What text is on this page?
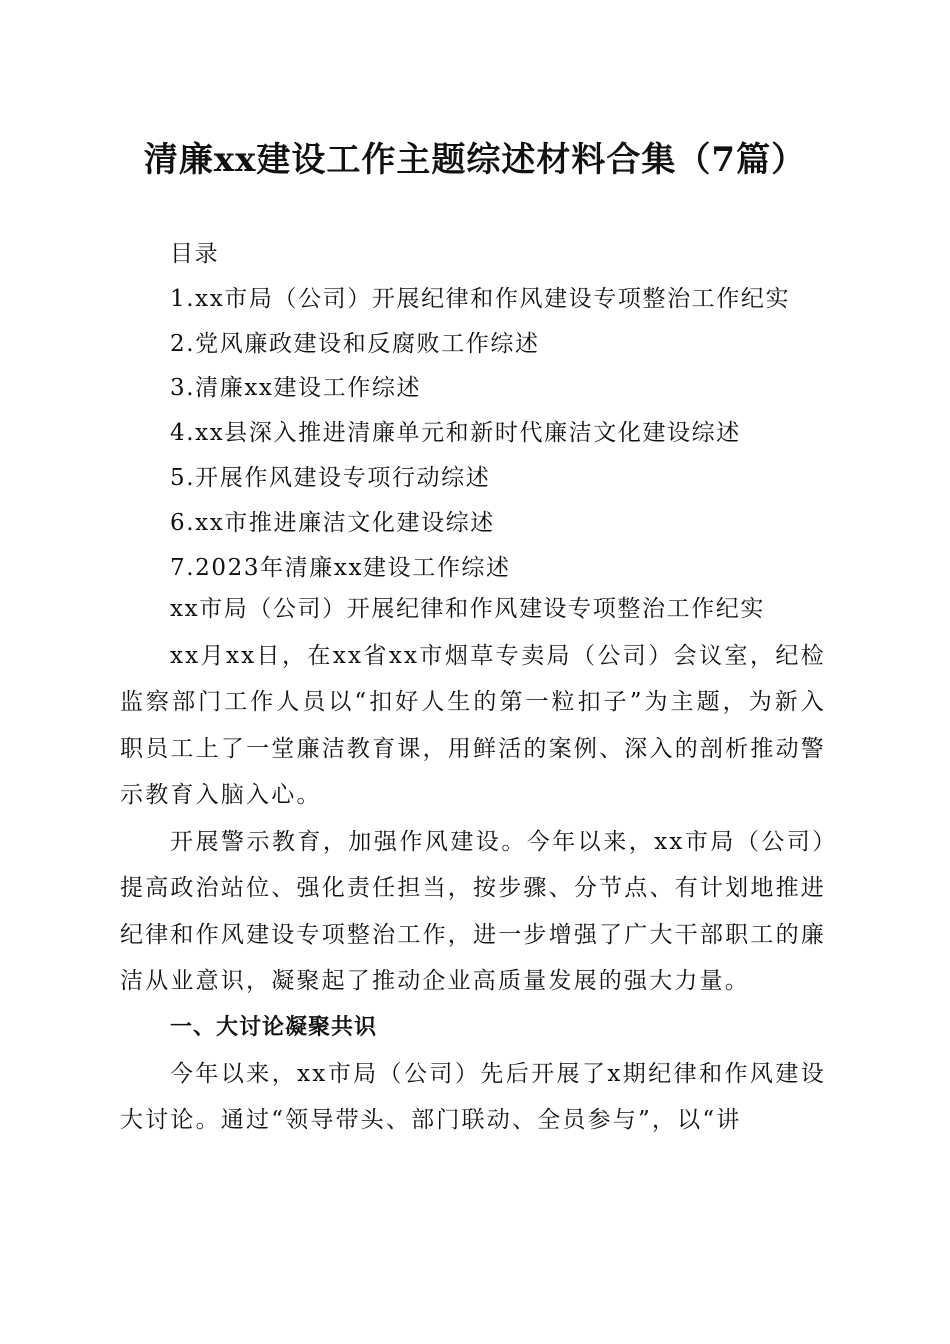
清廉xx建设工作主题综述材料合集（7篇）
目录
1.xx市局（公司）开展纪律和作风建设专项整治工作纪实
2.党风廉政建设和反腐败工作综述
3.清廉xx建设工作综述
4.xx县深入推进清廉单元和新时代廉洁文化建设综述
5.开展作风建设专项行动综述
6.xx市推进廉洁文化建设综述
7.2023年清廉xx建设工作综述

xx市局（公司）开展纪律和作风建设专项整治工作纪实

xx月xx日，在xx省xx市烟草专卖局（公司）会议室，纪检监察部门工作人员以“扣好人生的第一粒扣子”为主题，为新入职员工上了一堂廉洁教育课，用鲜活的案例、深入的剖析推动警示教育入脑入心。

开展警示教育，加强作风建设。今年以来，xx市局（公司）提高政治站位、强化责任担当，按步骤、分节点、有计划地推进纪律和作风建设专项整治工作，进一步增强了广大干部职工的廉洁从业意识，凝聚起了推动企业高质量发展的强大力量。

一、大讨论凝聚共识

今年以来，xx市局（公司）先后开展了x期纪律和作风建设大讨论。通过“领导带头、部门联动、全员参与”，以“讲
